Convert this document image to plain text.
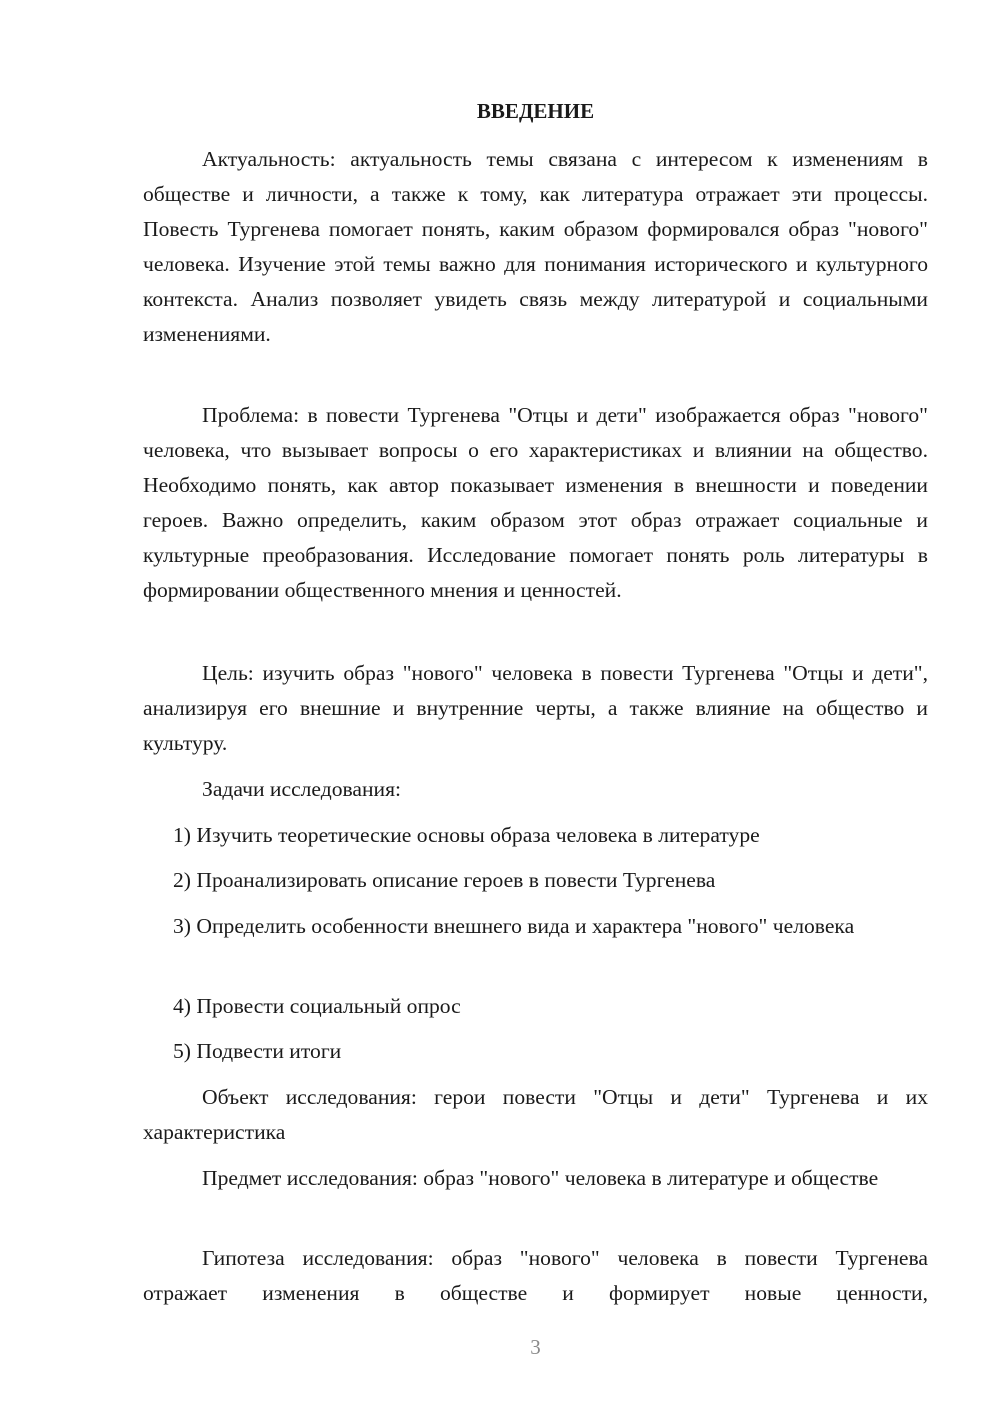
ВВЕДЕНИЕ

Актуальность: актуальность темы связана с интересом к изменениям в обществе и личности, а также к тому, как литература отражает эти процессы. Повесть Тургенева помогает понять, каким образом формировался образ "нового" человека. Изучение этой темы важно для понимания исторического и культурного контекста. Анализ позволяет увидеть связь между литературой и социальными изменениями.

Проблема: в повести Тургенева "Отцы и дети" изображается образ "нового" человека, что вызывает вопросы о его характеристиках и влиянии на общество. Необходимо понять, как автор показывает изменения в внешности и поведении героев. Важно определить, каким образом этот образ отражает социальные и культурные преобразования. Исследование помогает понять роль литературы в формировании общественного мнения и ценностей.

Цель: изучить образ "нового" человека в повести Тургенева "Отцы и дети", анализируя его внешние и внутренние черты, а также влияние на общество и культуру.

Задачи исследования:

1) Изучить теоретические основы образа человека в литературе

2) Проанализировать описание героев в повести Тургенева

3) Определить особенности внешнего вида и характера "нового" человека

4) Провести социальный опрос

5) Подвести итоги

Объект исследования: герои повести "Отцы и дети" Тургенева и их характеристика

Предмет исследования: образ "нового" человека в литературе и обществе

Гипотеза исследования: образ "нового" человека в повести Тургенева отражает изменения в обществе и формирует новые ценности,

3
